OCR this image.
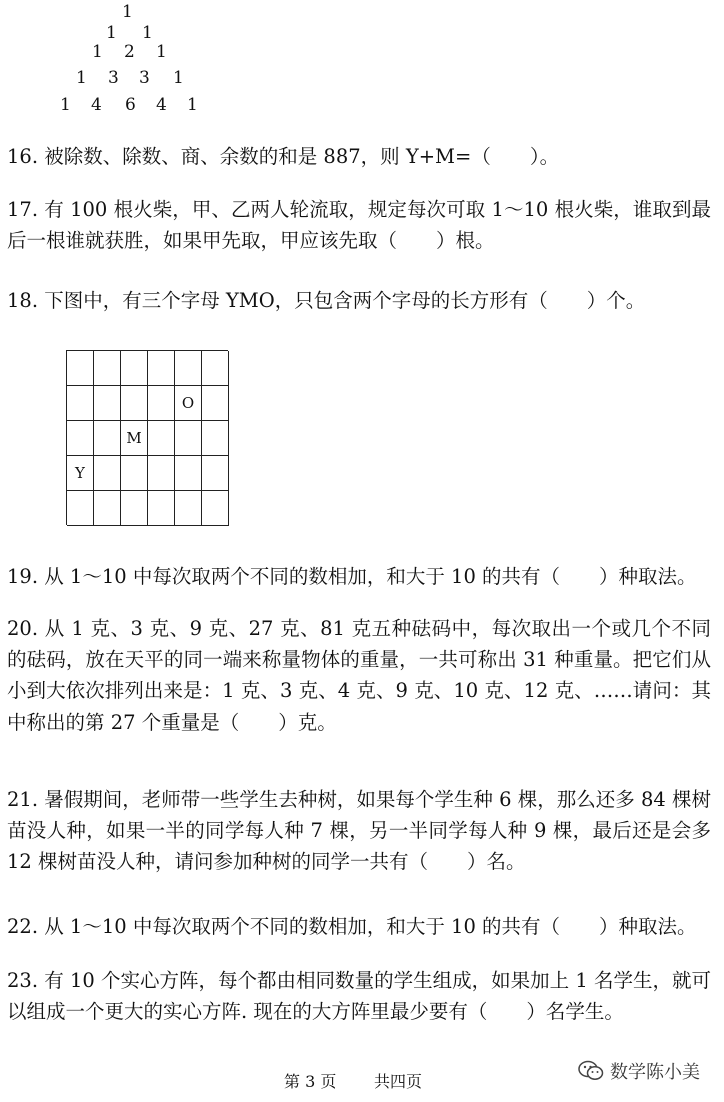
1
1 1
1 2 1
1 3 3 1
1 4 6 4 1

16. 被除数、除数、商、余数的和是 887，则 Y+M=（　　）。

17. 有 100 根火柴，甲、乙两人轮流取，规定每次可取 1～10 根火柴，谁取到最后一根谁就获胜，如果甲先取，甲应该先取（　　）根。

18. 下图中，有三个字母 YMO，只包含两个字母的长方形有（　　）个。

O
M
Y

19. 从 1～10 中每次取两个不同的数相加，和大于 10 的共有（　　）种取法。

20. 从 1 克、3 克、9 克、27 克、81 克五种砝码中，每次取出一个或几个不同的砝码，放在天平的同一端来称量物体的重量，一共可称出 31 种重量。把它们从小到大依次排列出来是：1 克、3 克、4 克、9 克、10 克、12 克、……请问：其中称出的第 27 个重量是（　　）克。

21. 暑假期间，老师带一些学生去种树，如果每个学生种 6 棵，那么还多 84 棵树苗没人种，如果一半的同学每人种 7 棵，另一半同学每人种 9 棵，最后还是会多 12 棵树苗没人种，请问参加种树的同学一共有（　　）名。

22. 从 1～10 中每次取两个不同的数相加，和大于 10 的共有（　　）种取法。

23. 有 10 个实心方阵，每个都由相同数量的学生组成，如果加上 1 名学生，就可以组成一个更大的实心方阵. 现在的大方阵里最少要有（　　）名学生。

第 3 页 共四页	数学陈小美
